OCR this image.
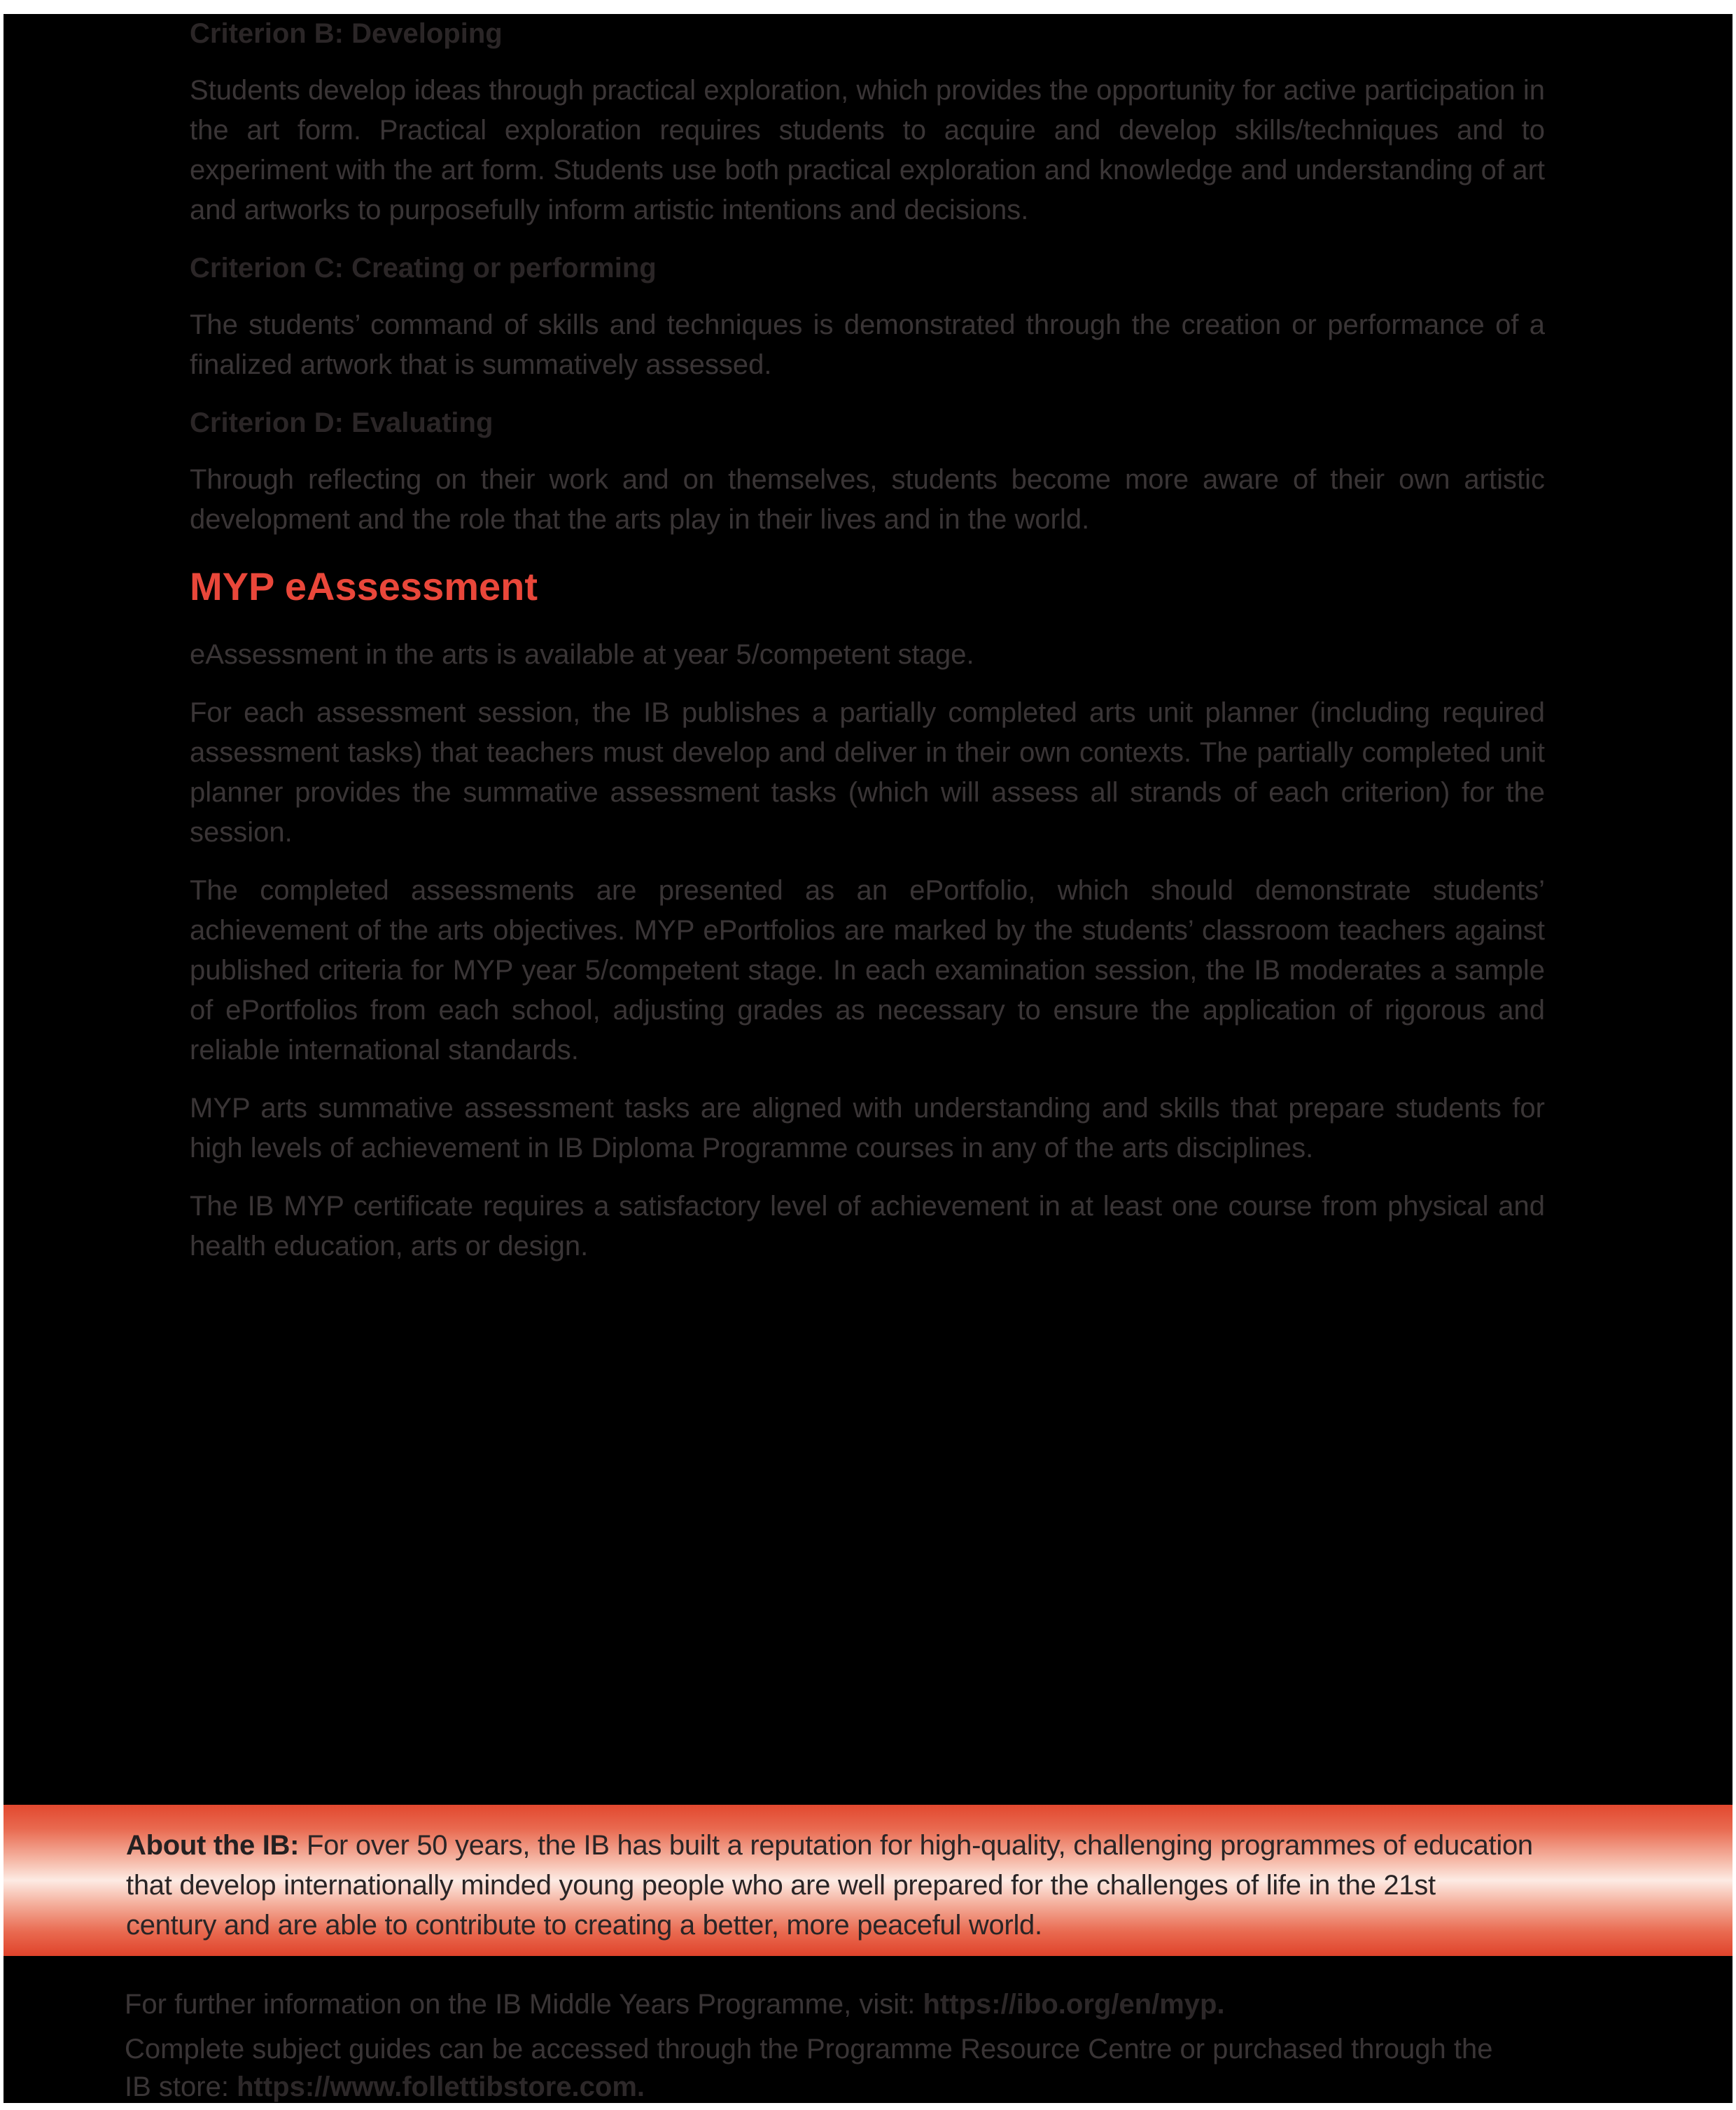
Criterion B: Developing

Students develop ideas through practical exploration, which provides the opportunity for active participation in the art form. Practical exploration requires students to acquire and develop skills/techniques and to experiment with the art form. Students use both practical exploration and knowledge and understanding of art and artworks to purposefully inform artistic intentions and decisions.

Criterion C: Creating or performing

The students’ command of skills and techniques is demonstrated through the creation or performance of a finalized artwork that is summatively assessed.

Criterion D: Evaluating

Through reflecting on their work and on themselves, students become more aware of their own artistic development and the role that the arts play in their lives and in the world.

MYP eAssessment

eAssessment in the arts is available at year 5/competent stage.

For each assessment session, the IB publishes a partially completed arts unit planner (including required assessment tasks) that teachers must develop and deliver in their own contexts. The partially completed unit planner provides the summative assessment tasks (which will assess all strands of each criterion) for the session.

The completed assessments are presented as an ePortfolio, which should demonstrate students’ achievement of the arts objectives. MYP ePortfolios are marked by the students’ classroom teachers against published criteria for MYP year 5/competent stage. In each examination session, the IB moderates a sample of ePortfolios from each school, adjusting grades as necessary to ensure the application of rigorous and reliable international standards.

MYP arts summative assessment tasks are aligned with understanding and skills that prepare students for high levels of achievement in IB Diploma Programme courses in any of the arts disciplines.

The IB MYP certificate requires a satisfactory level of achievement in at least one course from physical and health education, arts or design.

About the IB: For over 50 years, the IB has built a reputation for high-quality, challenging programmes of education
that develop internationally minded young people who are well prepared for the challenges of life in the 21st
century and are able to contribute to creating a better, more peaceful world.
For further information on the IB Middle Years Programme, visit: https://ibo.org/en/myp.
Complete subject guides can be accessed through the Programme Resource Centre or purchased through the
IB store: https://www.follettibstore.com.
